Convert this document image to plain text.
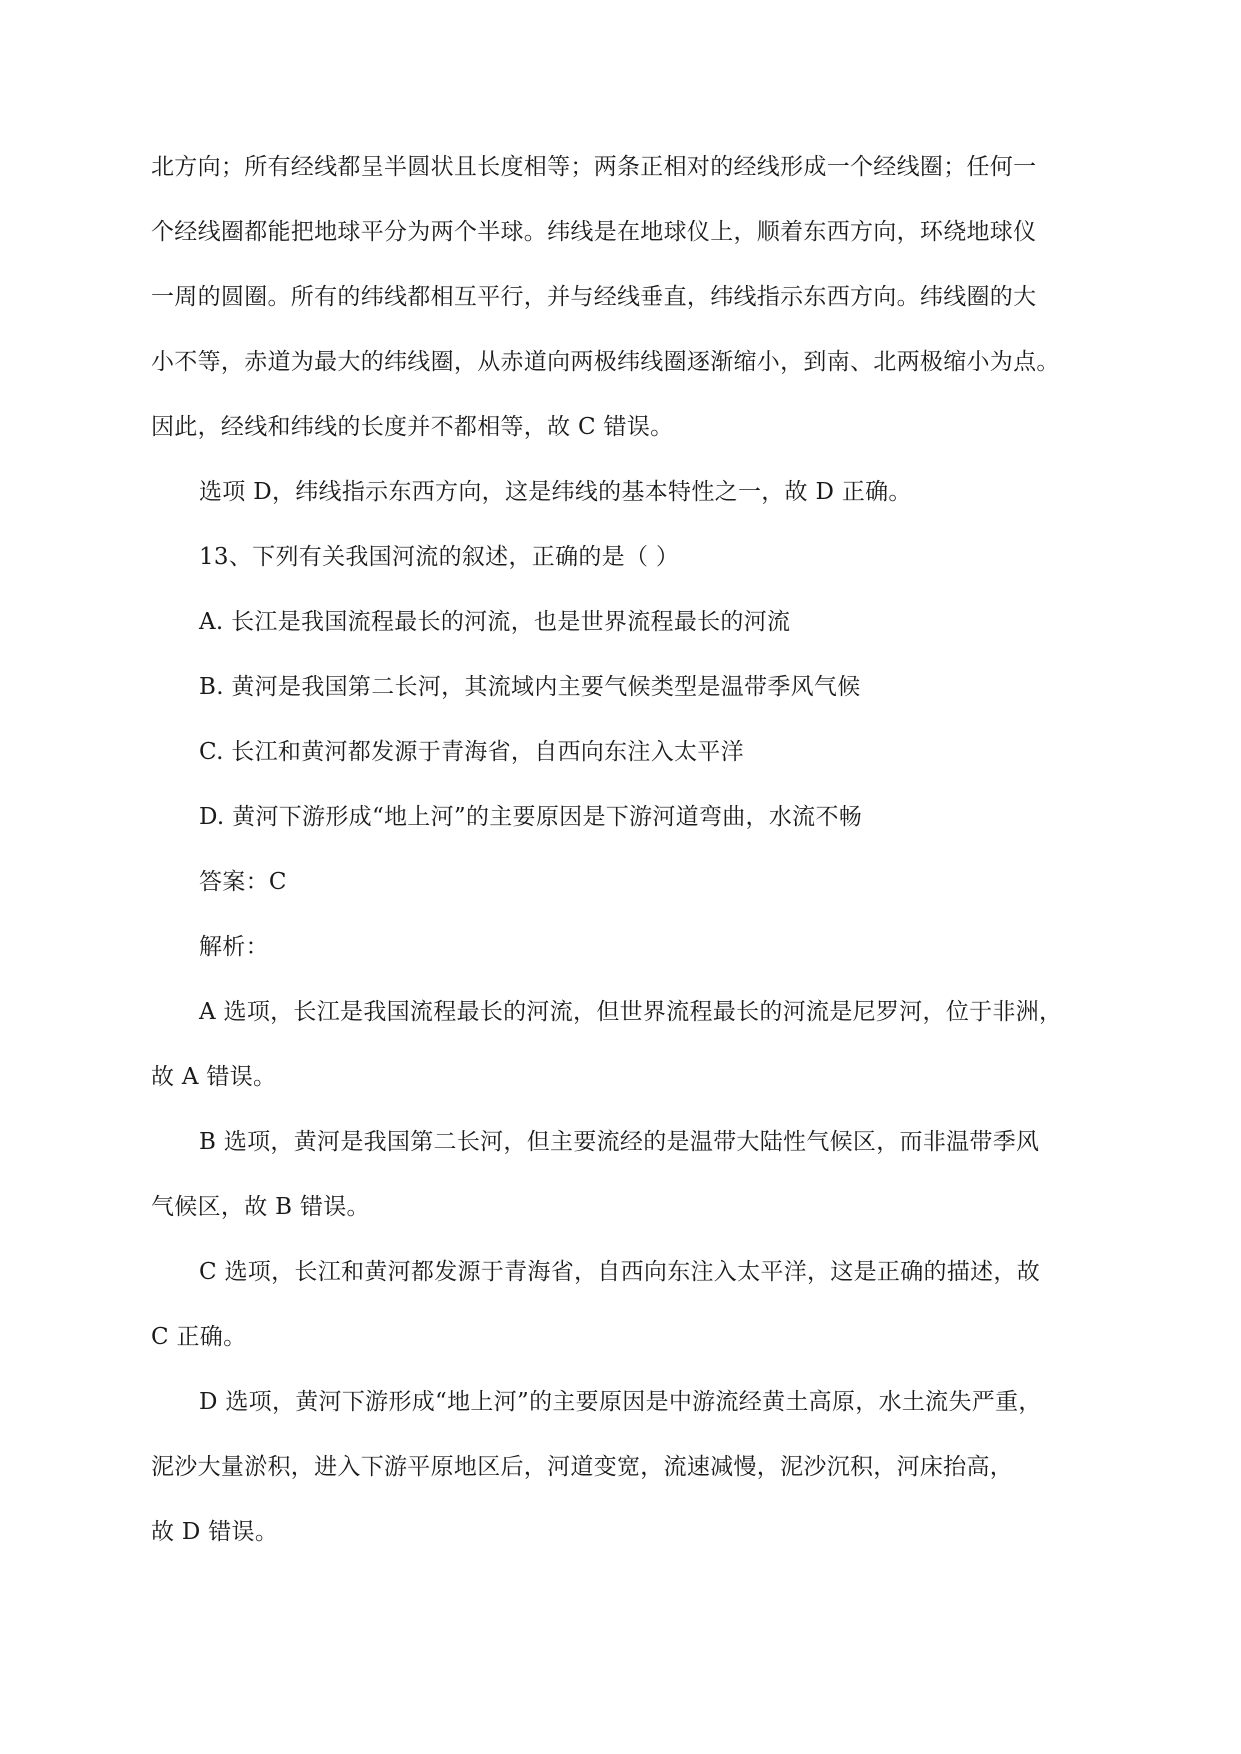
北方向；所有经线都呈半圆状且长度相等；两条正相对的经线形成一个经线圈；任何一
个经线圈都能把地球平分为两个半球。纬线是在地球仪上，顺着东西方向，环绕地球仪
一周的圆圈。所有的纬线都相互平行，并与经线垂直，纬线指示东西方向。纬线圈的大
小不等，赤道为最大的纬线圈，从赤道向两极纬线圈逐渐缩小，到南、北两极缩小为点。
因此，经线和纬线的长度并不都相等，故 C 错误。
选项 D，纬线指示东西方向，这是纬线的基本特性之一，故 D 正确。
13、下列有关我国河流的叙述，正确的是（ ）
A. 长江是我国流程最长的河流，也是世界流程最长的河流
B. 黄河是我国第二长河，其流域内主要气候类型是温带季风气候
C. 长江和黄河都发源于青海省，自西向东注入太平洋
D. 黄河下游形成“地上河”的主要原因是下游河道弯曲，水流不畅
答案：C
解析：
A 选项，长江是我国流程最长的河流，但世界流程最长的河流是尼罗河，位于非洲，
故 A 错误。
B 选项，黄河是我国第二长河，但主要流经的是温带大陆性气候区，而非温带季风
气候区，故 B 错误。
C 选项，长江和黄河都发源于青海省，自西向东注入太平洋，这是正确的描述，故
C 正确。
D 选项，黄河下游形成“地上河”的主要原因是中游流经黄土高原，水土流失严重，
泥沙大量淤积，进入下游平原地区后，河道变宽，流速减慢，泥沙沉积，河床抬高，
故 D 错误。
